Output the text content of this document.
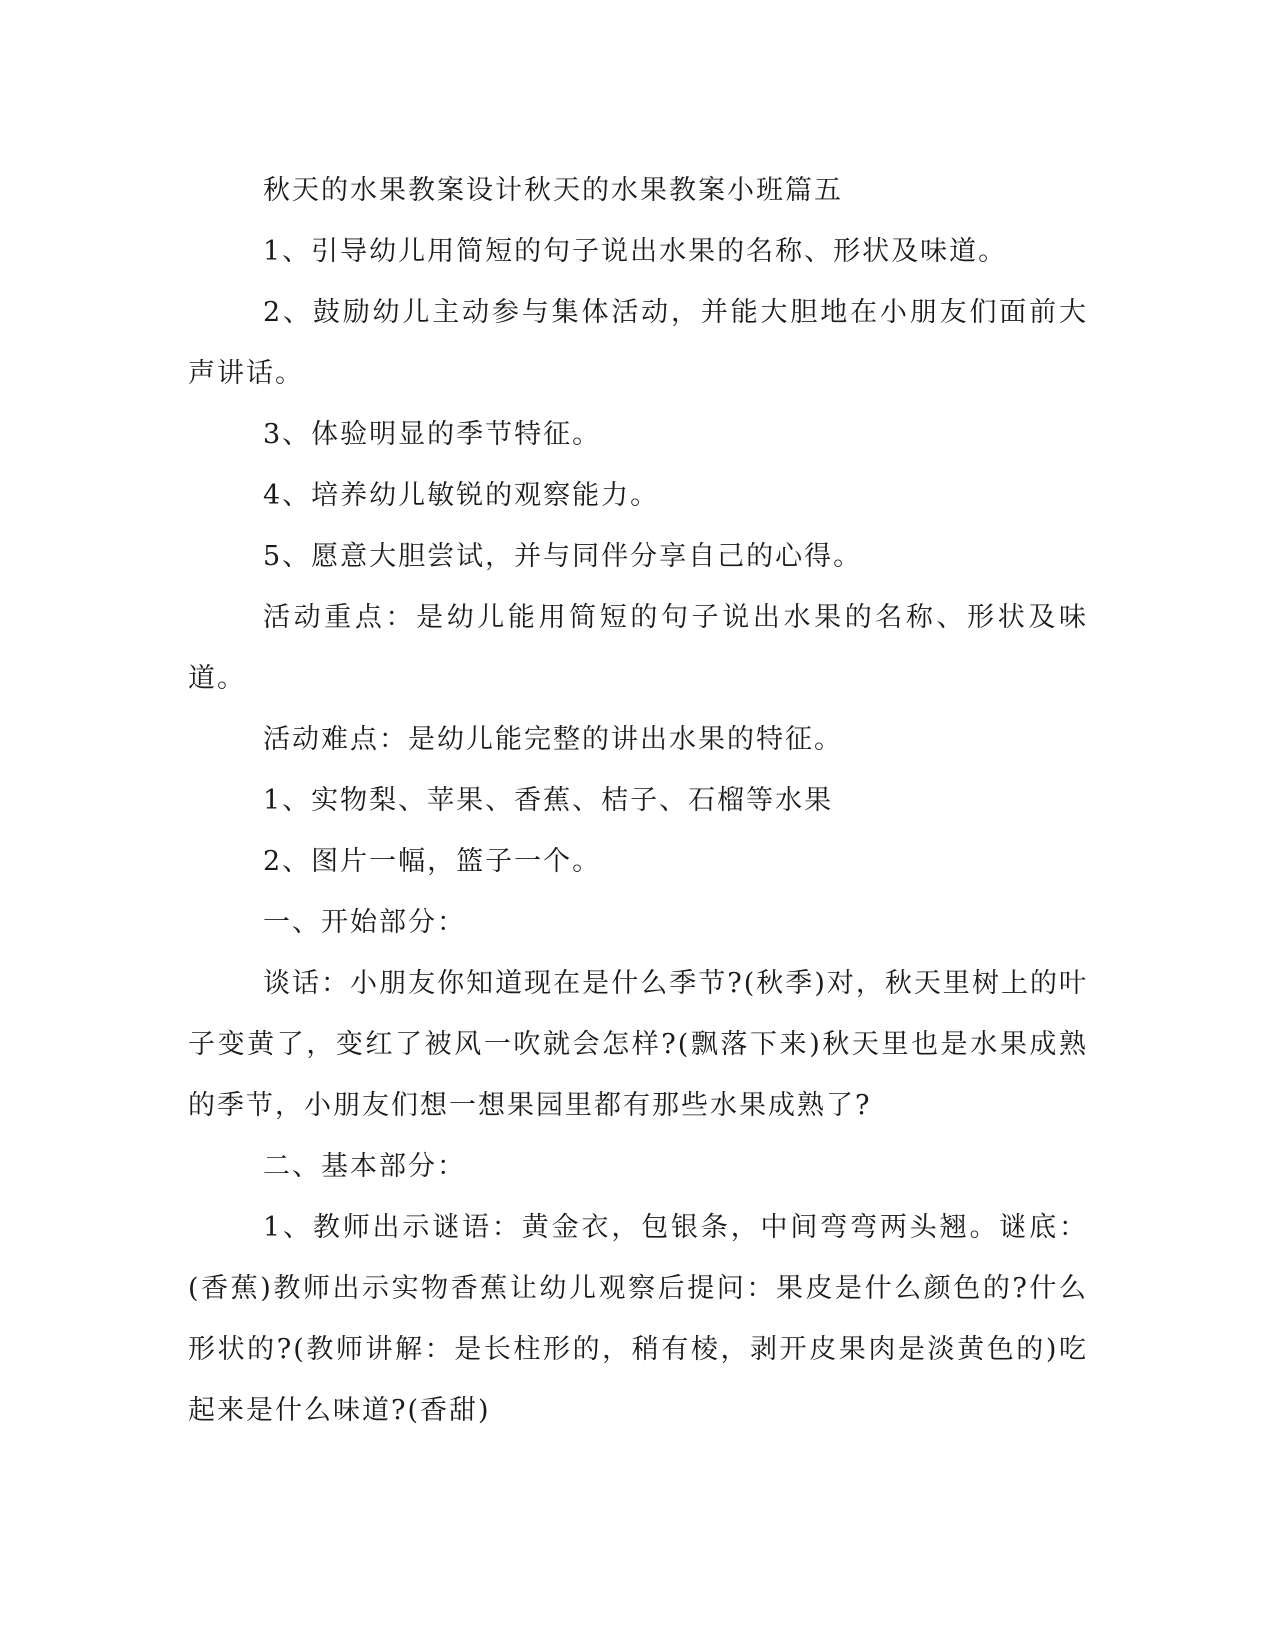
秋天的水果教案设计秋天的水果教案小班篇五

1、引导幼儿用简短的句子说出水果的名称、形状及味道。

2、鼓励幼儿主动参与集体活动，并能大胆地在小朋友们面前大声讲话。

3、体验明显的季节特征。

4、培养幼儿敏锐的观察能力。

5、愿意大胆尝试，并与同伴分享自己的心得。

活动重点：是幼儿能用简短的句子说出水果的名称、形状及味道。

活动难点：是幼儿能完整的讲出水果的特征。

1、实物梨、苹果、香蕉、桔子、石榴等水果

2、图片一幅，篮子一个。

一、开始部分：

谈话：小朋友你知道现在是什么季节?(秋季)对，秋天里树上的叶子变黄了，变红了被风一吹就会怎样?(飘落下来)秋天里也是水果成熟的季节，小朋友们想一想果园里都有那些水果成熟了?

二、基本部分：

1、教师出示谜语：黄金衣，包银条，中间弯弯两头翘。谜底：(香蕉)教师出示实物香蕉让幼儿观察后提问：果皮是什么颜色的?什么形状的?(教师讲解：是长柱形的，稍有棱，剥开皮果肉是淡黄色的)吃起来是什么味道?(香甜)
